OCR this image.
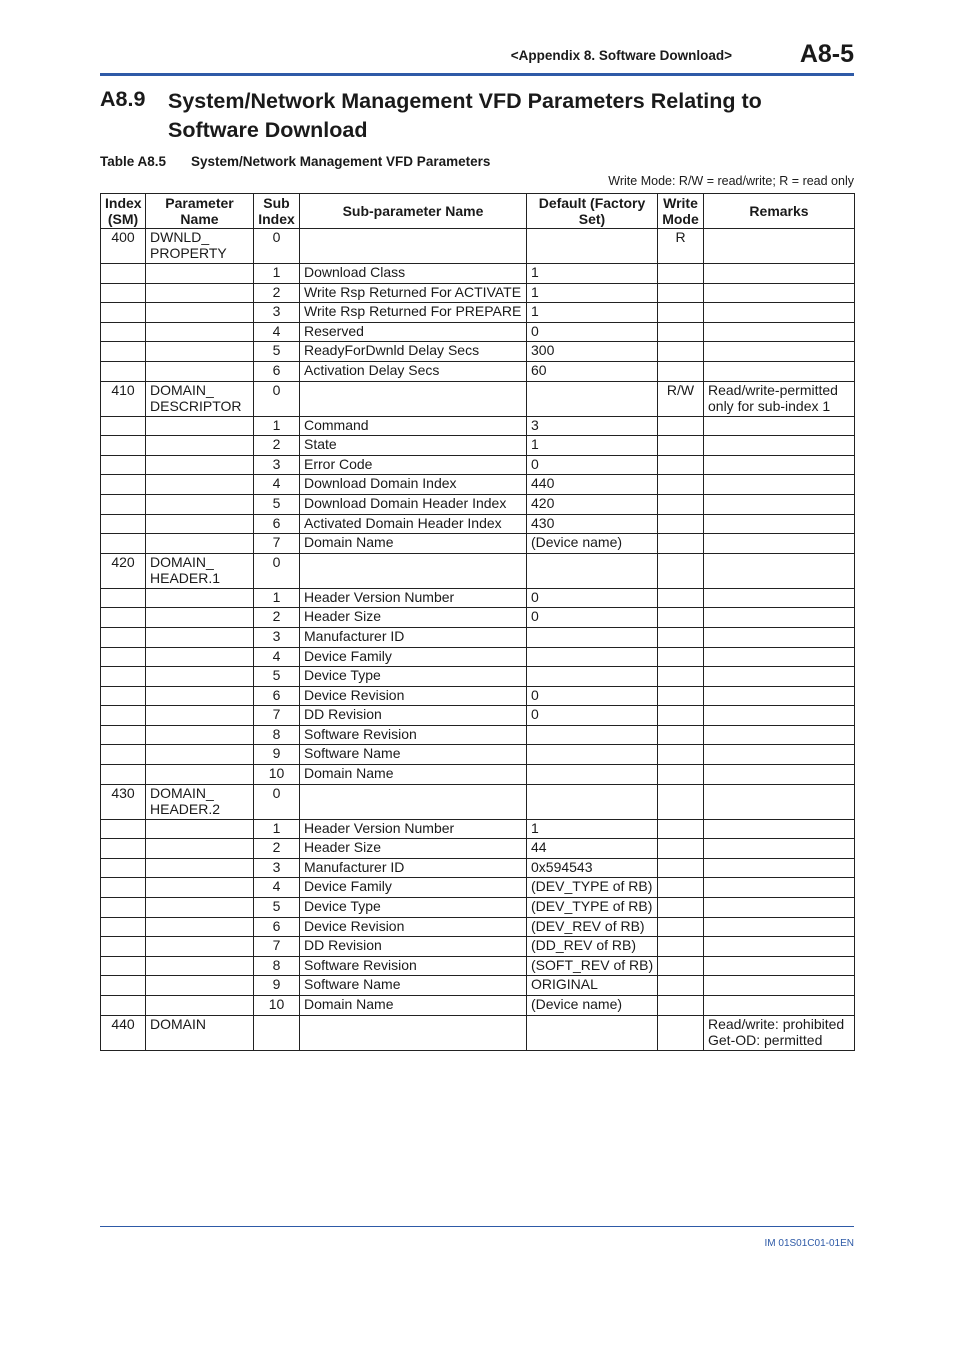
<Appendix 8. Software Download>	A8-5
A8.9 System/Network Management VFD Parameters Relating to Software Download
Table A8.5 System/Network Management VFD Parameters
Write Mode: R/W = read/write; R = read only
Index (SM)	Parameter Name	Sub Index	Sub-parameter Name	Default (Factory Set)	Write Mode	Remarks
400	DWNLD_ PROPERTY	0			R	
		1	Download Class	1		
		2	Write Rsp Returned For ACTIVATE	1		
		3	Write Rsp Returned For PREPARE	1		
		4	Reserved	0		
		5	ReadyForDwnld Delay Secs	300		
		6	Activation Delay Secs	60		
410	DOMAIN_ DESCRIPTOR	0			R/W	Read/write-permitted only for sub-index 1
		1	Command	3		
		2	State	1		
		3	Error Code	0		
		4	Download Domain Index	440		
		5	Download Domain Header Index	420		
		6	Activated Domain Header Index	430		
		7	Domain Name	(Device name)		
420	DOMAIN_ HEADER.1	0				
		1	Header Version Number	0		
		2	Header Size	0		
		3	Manufacturer ID			
		4	Device Family			
		5	Device Type			
		6	Device Revision	0		
		7	DD Revision	0		
		8	Software Revision			
		9	Software Name			
		10	Domain Name			
430	DOMAIN_ HEADER.2	0				
		1	Header Version Number	1		
		2	Header Size	44		
		3	Manufacturer ID	0x594543		
		4	Device Family	(DEV_TYPE of RB)		
		5	Device Type	(DEV_TYPE of RB)		
		6	Device Revision	(DEV_REV of RB)		
		7	DD Revision	(DD_REV of RB)		
		8	Software Revision	(SOFT_REV of RB)		
		9	Software Name	ORIGINAL		
		10	Domain Name	(Device name)		
440	DOMAIN					Read/write: prohibited Get-OD: permitted
IM 01S01C01-01EN
